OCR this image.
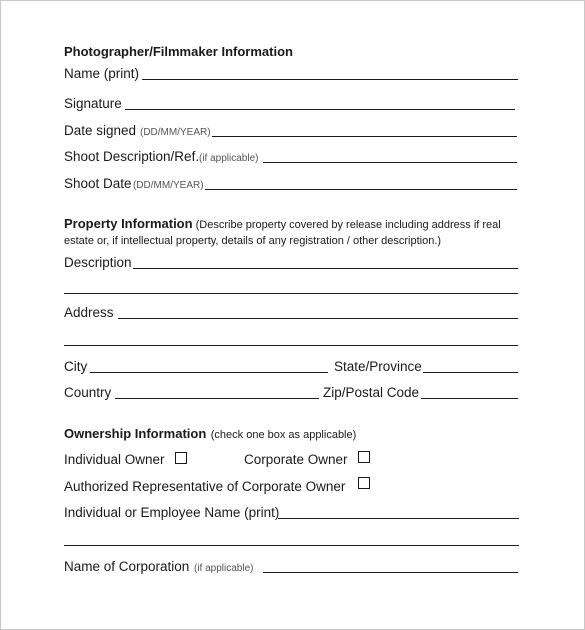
Photographer/Filmmaker Information
Name (print)
Signature
Date signed (DD/MM/YEAR)
Shoot Description/Ref. (if applicable)
Shoot Date (DD/MM/YEAR)
Property Information (Describe property covered by release including address if real
estate or, if intellectual property, details of any registration / other description.)
Description
Address
City	State/Province
Country	Zip/Postal Code
Ownership Information (check one box as applicable)
Individual Owner	Corporate Owner
Authorized Representative of Corporate Owner
Individual or Employee Name (print)
Name of Corporation (if applicable)
